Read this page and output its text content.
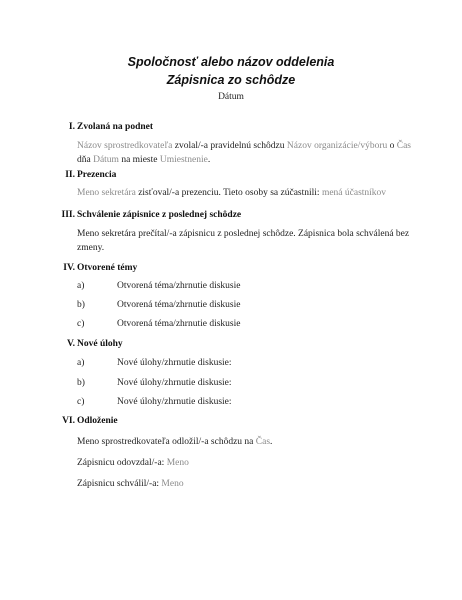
Spoločnosť alebo názov oddelenia
Zápisnica zo schôdze
Dátum
I. Zvolaná na podnet
Názov sprostredkovateľa zvolal/-a pravidelnú schôdzu Názov organizácie/výboru o Čas
dňa Dátum na mieste Umiestnenie.
II. Prezencia
Meno sekretára zisťoval/-a prezenciu. Tieto osoby sa zúčastnili: mená účastníkov
III. Schválenie zápisnice z poslednej schôdze
Meno sekretára prečítal/-a zápisnicu z poslednej schôdze. Zápisnica bola schválená bez
zmeny.
IV. Otvorené témy
a)	Otvorená téma/zhrnutie diskusie
b)	Otvorená téma/zhrnutie diskusie
c)	Otvorená téma/zhrnutie diskusie
V. Nové úlohy
a)	Nové úlohy/zhrnutie diskusie:
b)	Nové úlohy/zhrnutie diskusie:
c)	Nové úlohy/zhrnutie diskusie:
VI. Odloženie
Meno sprostredkovateľa odložil/-a schôdzu na Čas.
Zápisnicu odovzdal/-a: Meno
Zápisnicu schválil/-a: Meno
